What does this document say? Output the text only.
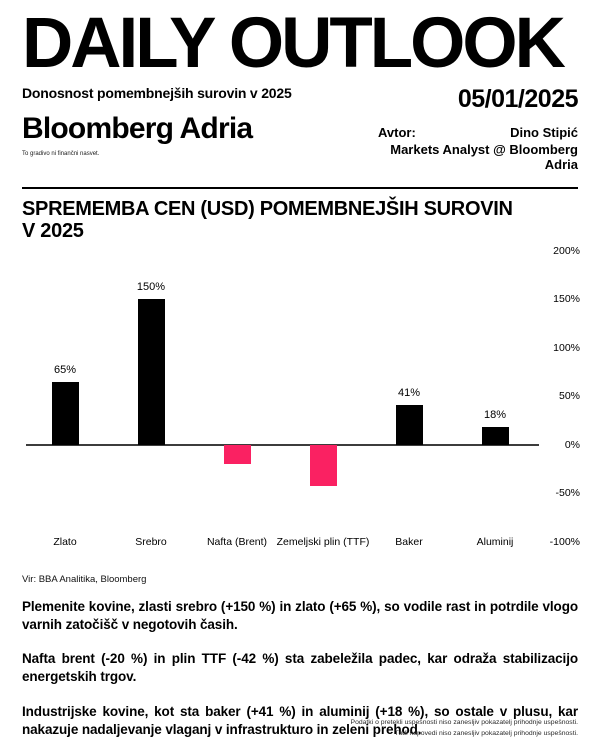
DAILY OUTLOOK
Donosnost pomembnejših surovin v 2025
Bloomberg Adria
To gradivo ni finančni nasvet.
05/01/2025
Avtor:	Dino Stipić
Markets Analyst @ Bloomberg Adria
SPREMEMBA CEN (USD) POMEMBNEJŠIH SUROVIN
V 2025
200%
150%
100%
50%
0%
-50%
-100%
65%
Zlato
150%
Srebro	Nafta (Brent) Zemeljski plin (TTF)
41%
Baker
18%
Aluminij
Vir: BBA Analitika, Bloomberg

Plemenite kovine, zlasti srebro (+150 %) in zlato (+65 %), so vodile rast in potrdile vlogo varnih zatočišč v negotovih časih.

Nafta brent (-20 %) in plin TTF (-42 %) sta zabeležila padec, kar odraža stabilizacijo energetskih trgov.

Industrijske kovine, kot sta baker (+41 %) in aluminij (+18 %), so ostale v plusu, kar nakazuje nadaljevanje vlaganj v infrastrukturo in zeleni prehod.

Podatki o pretekli uspešnosti niso zanesljiv pokazatelj prihodnje uspešnosti.
Tudi napovedi niso zanesljiv pokazatelj prihodnje uspešnosti.
